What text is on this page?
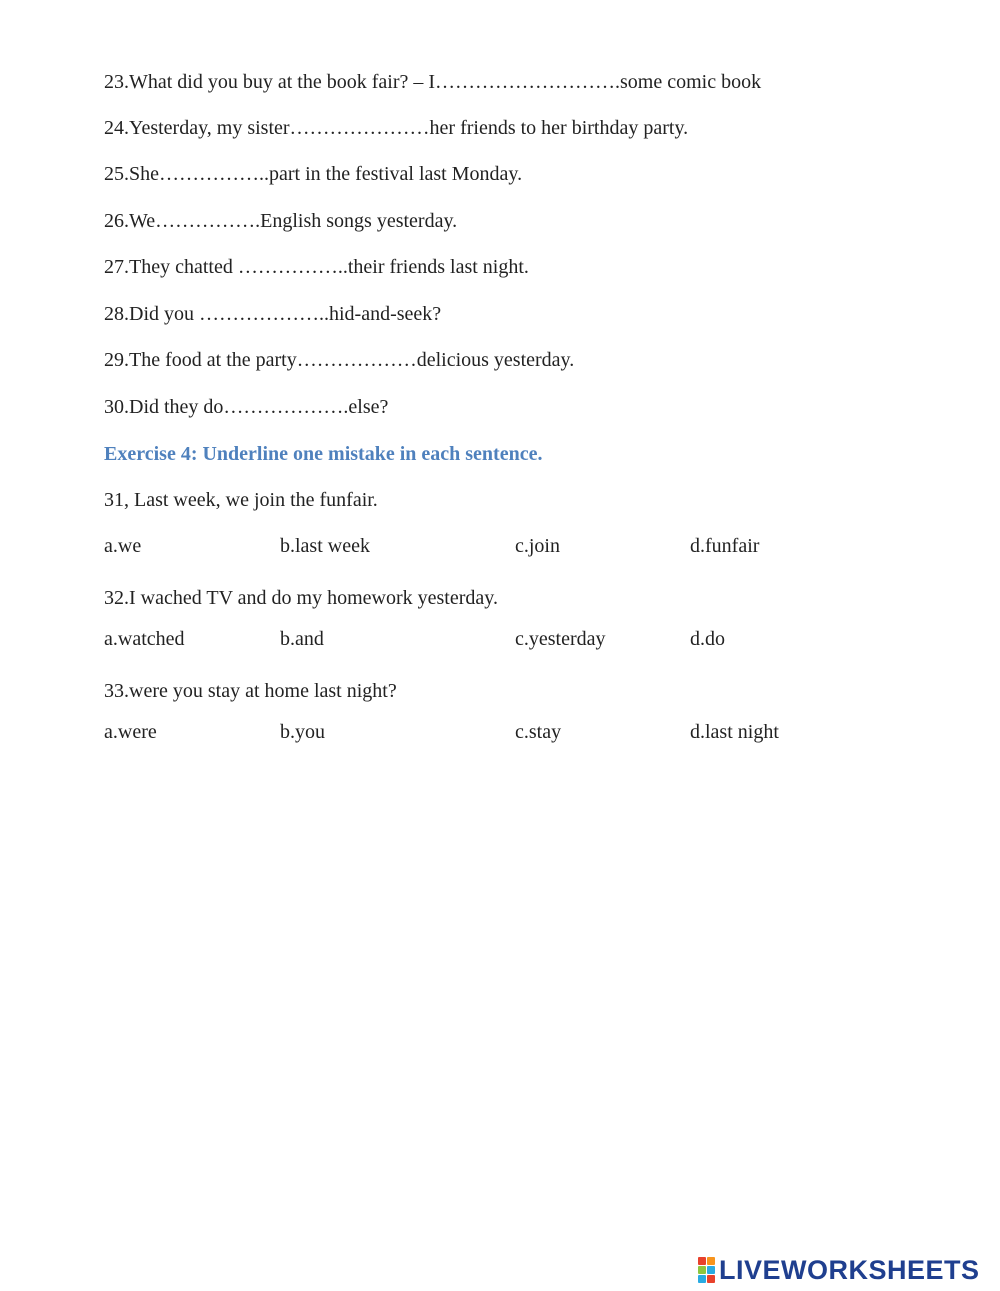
23.What did you buy at the book fair? – I……………………….some comic book
24.Yesterday, my sister…………………her friends to her birthday party.
25.She……………..part in the festival last Monday.
26.We…………….English songs yesterday.
27.They chatted ……………..their friends last night.
28.Did you ………………..hid-and-seek?
29.The food at the party………………delicious yesterday.
30.Did they do……………….else?
Exercise 4: Underline one mistake in each sentence.
31, Last week, we join the funfair.
a.we	b.last week	c.join	d.funfair
32.I wached TV and do my homework yesterday.
a.watched	b.and	c.yesterday	d.do
33.were you stay at home last night?
a.were	b.you	c.stay	d.last night
LIVEWORKSHEETS
